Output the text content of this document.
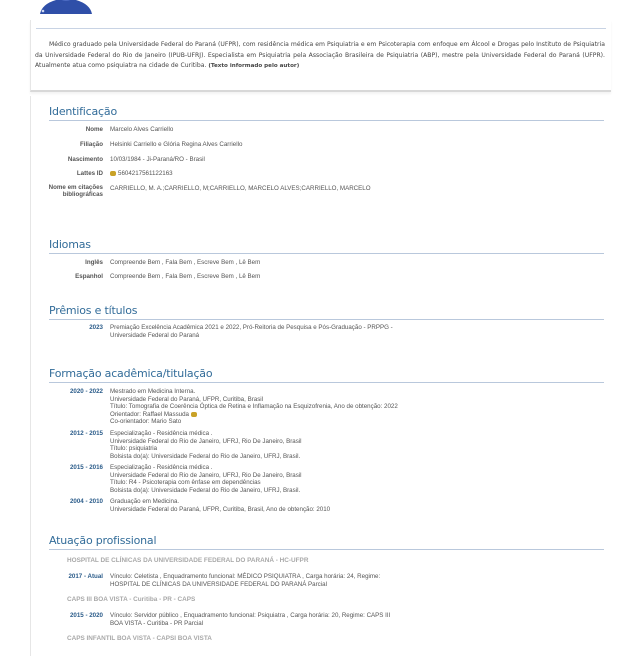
Médico graduado pela Universidade Federal do Paraná (UFPR), com residência médica em Psiquiatria e em Psicoterapia com enfoque em Álcool e Drogas pelo Instituto de Psiquiatria da Universidade Federal do Rio de Janeiro (IPUB-UFRJ). Especialista em Psiquiatria pela Associação Brasileira de Psiquiatria (ABP), mestre pela Universidade Federal do Paraná (UFPR). Atualmente atua como psiquiatra na cidade de Curitiba. (Texto informado pelo autor)
Identificação
Nome Marcelo Alves Carriello
Filiação Helsinki Carriello e Glória Regina Alves Carriello
Nascimento 10/03/1984 - Ji-Paraná/RO - Brasil
Lattes ID	5604217561122163
Nome em citações bibliográficas
CARRIELLO, M. A.;CARRIELLO, M;CARRIELLO, MARCELO ALVES;CARRIELLO, MARCELO
Idiomas
Inglês Compreende Bem , Fala Bem , Escreve Bem , Lê Bem
Espanhol Compreende Bem , Fala Bem , Escreve Bem , Lê Bem
Prêmios e títulos
2023 Premiação Excelência Acadêmica 2021 e 2022, Pró-Reitoria de Pesquisa e Pós-Graduação - PRPPG -
Universidade Federal do Paraná
Formação acadêmica/titulação
2020 - 2022 Mestrado em Medicina Interna.
Universidade Federal do Paraná, UFPR, Curitiba, Brasil
Título: Tomografia de Coerência Óptica de Retina e Inflamação na Esquizofrenia, Ano de obtenção: 2022
Orientador: Raffael Massuda
Co-orientador: Mario Sato
2012 - 2015 Especialização - Residência médica .
Universidade Federal do Rio de Janeiro, UFRJ, Rio De Janeiro, Brasil
Título: psiquiatria
Bolsista do(a): Universidade Federal do Rio de Janeiro, UFRJ, Brasil.
2015 - 2016 Especialização - Residência médica .
Universidade Federal do Rio de Janeiro, UFRJ, Rio De Janeiro, Brasil
Título: R4 - Psicoterapia com ênfase em dependências
Bolsista do(a): Universidade Federal do Rio de Janeiro, UFRJ, Brasil.
2004 - 2010 Graduação em Medicina.
Universidade Federal do Paraná, UFPR, Curitiba, Brasil, Ano de obtenção: 2010
Atuação profissional
HOSPITAL DE CLÍNICAS DA UNIVERSIDADE FEDERAL DO PARANÁ - HC-UFPR
2017 - Atual Vínculo: Celetista , Enquadramento funcional: MÉDICO PSIQUIATRA , Carga horária: 24, Regime:
HOSPITAL DE CLÍNICAS DA UNIVERSIDADE FEDERAL DO PARANÁ Parcial
CAPS III BOA VISTA - Curitiba - PR - CAPS
2015 - 2020 Vínculo: Servidor público , Enquadramento funcional: Psiquiatra , Carga horária: 20, Regime: CAPS III
BOA VISTA - Curitiba - PR Parcial
CAPS INFANTIL BOA VISTA - CAPSI BOA VISTA
